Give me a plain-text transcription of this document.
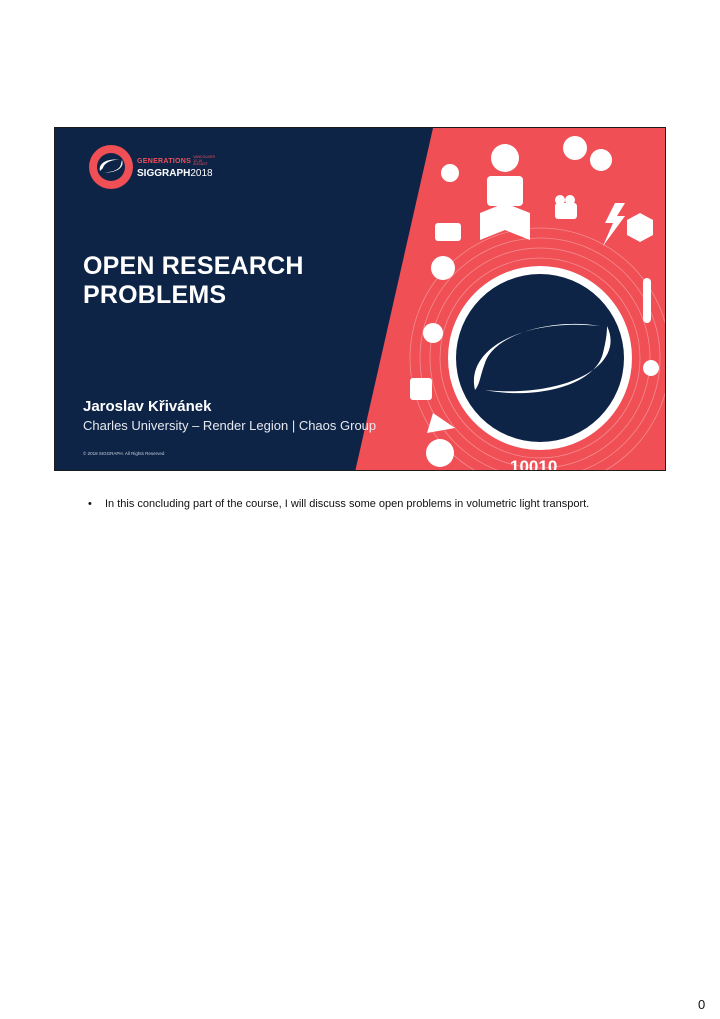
10010
GENERATIONS
VANCOUVER 12-16 AUGUST
SIGGRAPH2018
OPEN RESEARCH
PROBLEMS
Jaroslav Křivánek
Charles University – Render Legion | Chaos Group
© 2018 SIGGRAPH. All Rights Reserved
• In this concluding part of the course, I will discuss some open problems in volumetric light transport.
0
